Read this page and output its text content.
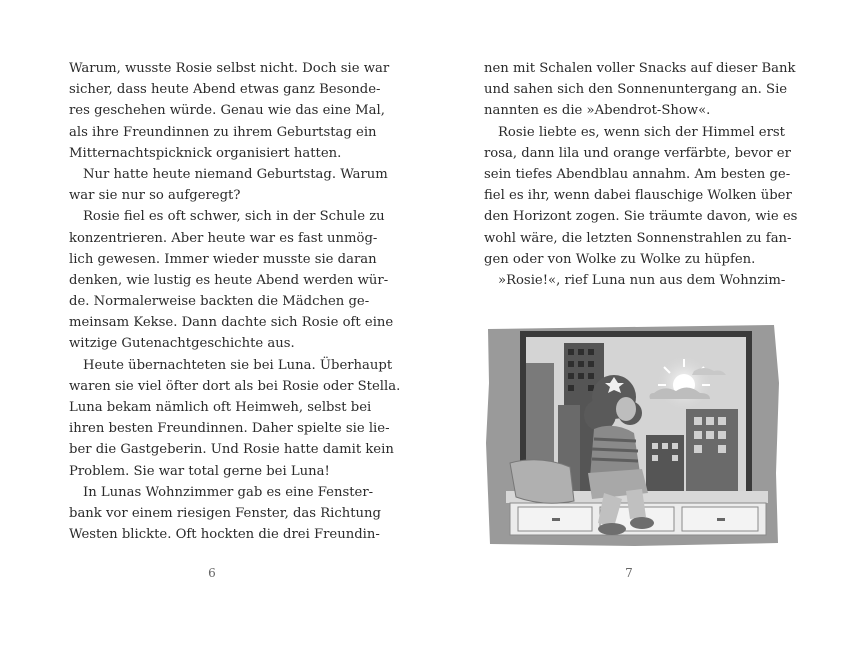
Warum, wusste Rosie selbst nicht. Doch sie war
sicher, dass heute Abend etwas ganz Besonde-
res geschehen würde. Genau wie das eine Mal,
als ihre Freundinnen zu ihrem Geburtstag ein
Mitternachtspicknick organisiert hatten.
Nur hatte heute niemand Geburtstag. Warum
war sie nur so aufgeregt?
Rosie fiel es oft schwer, sich in der Schule zu
konzentrieren. Aber heute war es fast unmög-
lich gewesen. Immer wieder musste sie daran
denken, wie lustig es heute Abend werden wür-
de. Normalerweise backten die Mädchen ge-
meinsam Kekse. Dann dachte sich Rosie oft eine
witzige Gutenachtgeschichte aus.
Heute übernachteten sie bei Luna. Überhaupt
waren sie viel öfter dort als bei Rosie oder Stella.
Luna bekam nämlich oft Heimweh, selbst bei
ihren besten Freundinnen. Daher spielte sie lie-
ber die Gastgeberin. Und Rosie hatte damit kein
Problem. Sie war total gerne bei Luna!
In Lunas Wohnzimmer gab es eine Fenster-
bank vor einem riesigen Fenster, das Richtung
Westen blickte. Oft hockten die drei Freundin-
6
nen mit Schalen voller Snacks auf dieser Bank
und sahen sich den Sonnenuntergang an. Sie
nannten es die »Abendrot-Show«.
Rosie liebte es, wenn sich der Himmel erst
rosa, dann lila und orange verfärbte, bevor er
sein tiefes Abendblau annahm. Am besten ge-
fiel es ihr, wenn dabei flauschige Wolken über
den Horizont zogen. Sie träumte davon, wie es
wohl wäre, die letzten Sonnenstrahlen zu fan-
gen oder von Wolke zu Wolke zu hüpfen.
»Rosie!«, rief Luna nun aus dem Wohnzim-
7
